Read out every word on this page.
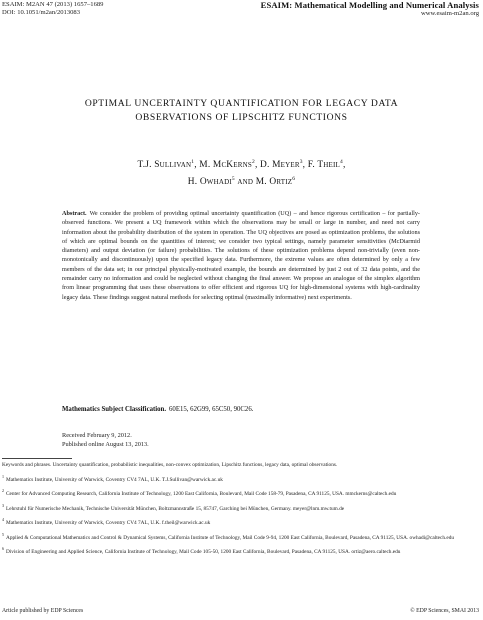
ESAIM: M2AN 47 (2013) 1657–1689
DOI: 10.1051/m2an/2013083
ESAIM: Mathematical Modelling and Numerical Analysis
www.esaim-m2an.org
OPTIMAL UNCERTAINTY QUANTIFICATION FOR LEGACY DATA
OBSERVATIONS OF LIPSCHITZ FUNCTIONS
T.J. Sullivan$^1$, M. McKerns$^2$, D. Meyer$^3$, F. Theil$^4$,
H. Owhadi$^5$ and M. Ortiz$^6$
Abstract. We consider the problem of providing optimal uncertainty quantification (UQ) – and hence rigorous certification – for partially-observed functions. We present a UQ framework within which the observations may be small or large in number, and need not carry information about the probability distribution of the system in operation. The UQ objectives are posed as optimization problems, the solutions of which are optimal bounds on the quantities of interest; we consider two typical settings, namely parameter sensitivities (McDiarmid diameters) and output deviation (or failure) probabilities. The solutions of these optimization problems depend non-trivially (even non-monotonically and discontinuously) upon the specified legacy data. Furthermore, the extreme values are often determined by only a few members of the data set; in our principal physically-motivated example, the bounds are determined by just 2 out of 32 data points, and the remainder carry no information and could be neglected without changing the final answer. We propose an analogue of the simplex algorithm from linear programming that uses these observations to offer efficient and rigorous UQ for high-dimensional systems with high-cardinality legacy data. These findings suggest natural methods for selecting optimal (maximally informative) next experiments.
Mathematics Subject Classification. 60E15, 62G99, 65C50, 90C26.
Received February 9, 2012.
Published online August 13, 2013.
Keywords and phrases. Uncertainty quantification, probabilistic inequalities, non-convex optimization, Lipschitz functions, legacy data, optimal observations.
$^1$Mathematics Institute, University of Warwick, Coventry CV4 7AL, U.K. T.J.Sullivan@warwick.ac.uk
$^2$Center for Advanced Computing Research, California Institute of Technology, 1200 East California, Boulevard, Mail Code 158-79, Pasadena, CA 91125, USA. mmckerns@caltech.edu
$^3$Lehrstuhl für Numerische Mechanik, Technische Universität München, Boltzmannstraße 15, 85747, Garching bei München, Germany. meyer@lnm.mw.tum.de
$^4$Mathematics Institute, University of Warwick, Coventry CV4 7AL, U.K. f.theil@warwick.ac.uk
$^5$Applied & Computational Mathematics and Control & Dynamical Systems, California Institute of Technology, Mail Code 9-94, 1200 East California, Boulevard, Pasadena, CA 91125, USA. owhadi@caltech.edu
$^6$Division of Engineering and Applied Science, California Institute of Technology, Mail Code 105-50, 1200 East California, Boulevard, Pasadena, CA 91125, USA. ortiz@aero.caltech.edu
Article published by EDP Sciences	© EDP Sciences, SMAI 2013
